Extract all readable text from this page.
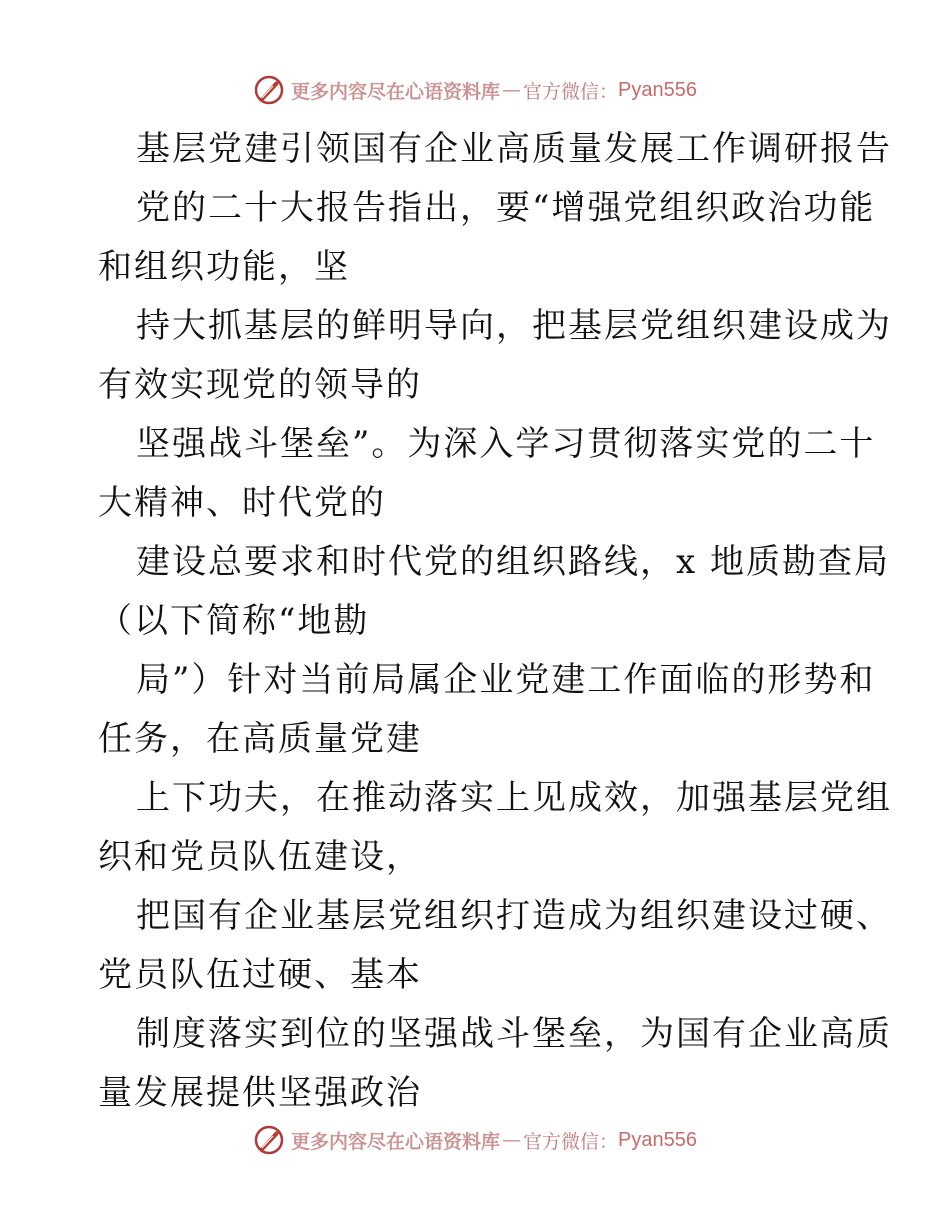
更多内容尽在心语资料库 — 官方微信： Pyan556
基层党建引领国有企业高质量发展工作调研报告
党的二十大报告指出，要“增强党组织政治功能
和组织功能，坚
持大抓基层的鲜明导向，把基层党组织建设成为
有效实现党的领导的
坚强战斗堡垒”。为深入学习贯彻落实党的二十
大精神、时代党的
建设总要求和时代党的组织路线，x 地质勘查局
（以下简称“地勘
局”）针对当前局属企业党建工作面临的形势和
任务，在高质量党建
上下功夫，在推动落实上见成效，加强基层党组
织和党员队伍建设，
把国有企业基层党组织打造成为组织建设过硬、
党员队伍过硬、基本
制度落实到位的坚强战斗堡垒，为国有企业高质
量发展提供坚强政治
更多内容尽在心语资料库 — 官方微信： Pyan556
